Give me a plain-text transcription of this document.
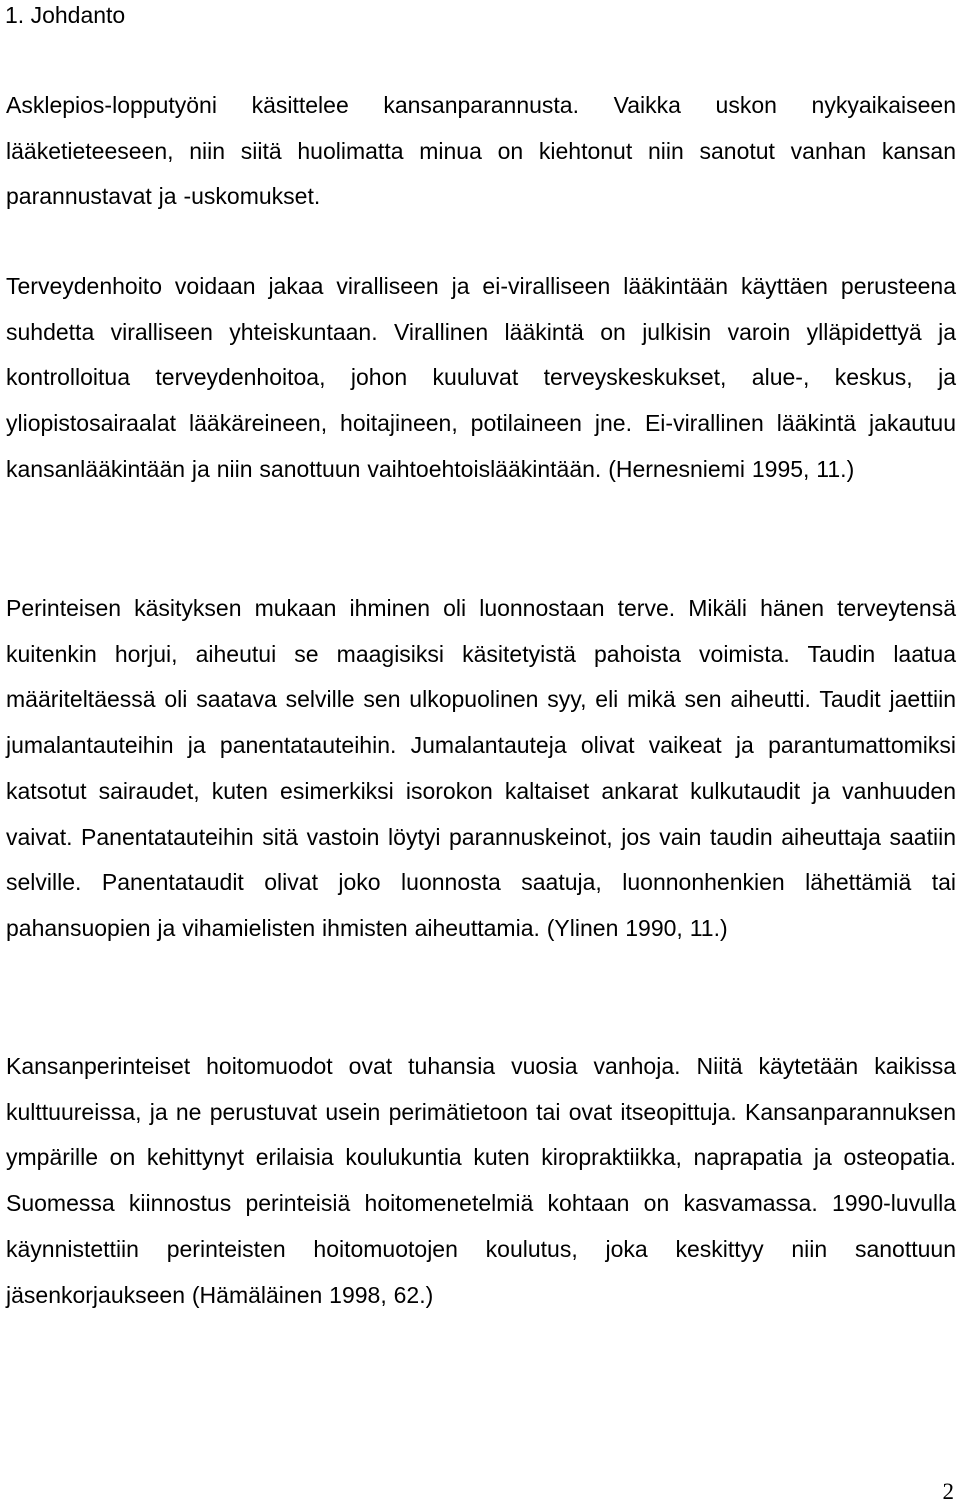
1. Johdanto

Asklepios-lopputyöni käsittelee kansanparannusta. Vaikka uskon nykyaikaiseen lääketieteeseen, niin siitä huolimatta minua on kiehtonut niin sanotut vanhan kansan parannustavat ja -uskomukset.

Terveydenhoito voidaan jakaa viralliseen ja ei-viralliseen lääkintään käyttäen perusteena suhdetta viralliseen yhteiskuntaan. Virallinen lääkintä on julkisin varoin ylläpidettyä ja kontrolloitua terveydenhoitoa, johon kuuluvat terveyskeskukset, alue-, keskus, ja yliopistosairaalat lääkäreineen, hoitajineen, potilaineen jne. Ei-virallinen lääkintä jakautuu kansanlääkintään ja niin sanottuun vaihtoehtoislääkintään. (Hernesniemi 1995, 11.)

Perinteisen käsityksen mukaan ihminen oli luonnostaan terve. Mikäli hänen terveytensä kuitenkin horjui, aiheutui se maagisiksi käsitetyistä pahoista voimista. Taudin laatua määriteltäessä oli saatava selville sen ulkopuolinen syy, eli mikä sen aiheutti. Taudit jaettiin jumalantauteihin ja panentatauteihin. Jumalantauteja olivat vaikeat ja parantumattomiksi katsotut sairaudet, kuten esimerkiksi isorokon kaltaiset ankarat kulkutaudit ja vanhuuden vaivat. Panentatauteihin sitä vastoin löytyi parannuskeinot, jos vain taudin aiheuttaja saatiin selville. Panentataudit olivat joko luonnosta saatuja, luonnonhenkien lähettämiä tai pahansuopien ja vihamielisten ihmisten aiheuttamia. (Ylinen 1990, 11.)

Kansanperinteiset hoitomuodot ovat tuhansia vuosia vanhoja. Niitä käytetään kaikissa kulttuureissa, ja ne perustuvat usein perimätietoon tai ovat itseopittuja. Kansanparannuksen ympärille on kehittynyt erilaisia koulukuntia kuten kiropraktiikka, naprapatia ja osteopatia. Suomessa kiinnostus perinteisiä hoitomenetelmiä kohtaan on kasvamassa. 1990-luvulla käynnistettiin perinteisten hoitomuotojen koulutus, joka keskittyy niin sanottuun jäsenkorjaukseen (Hämäläinen 1998, 62.)

2
